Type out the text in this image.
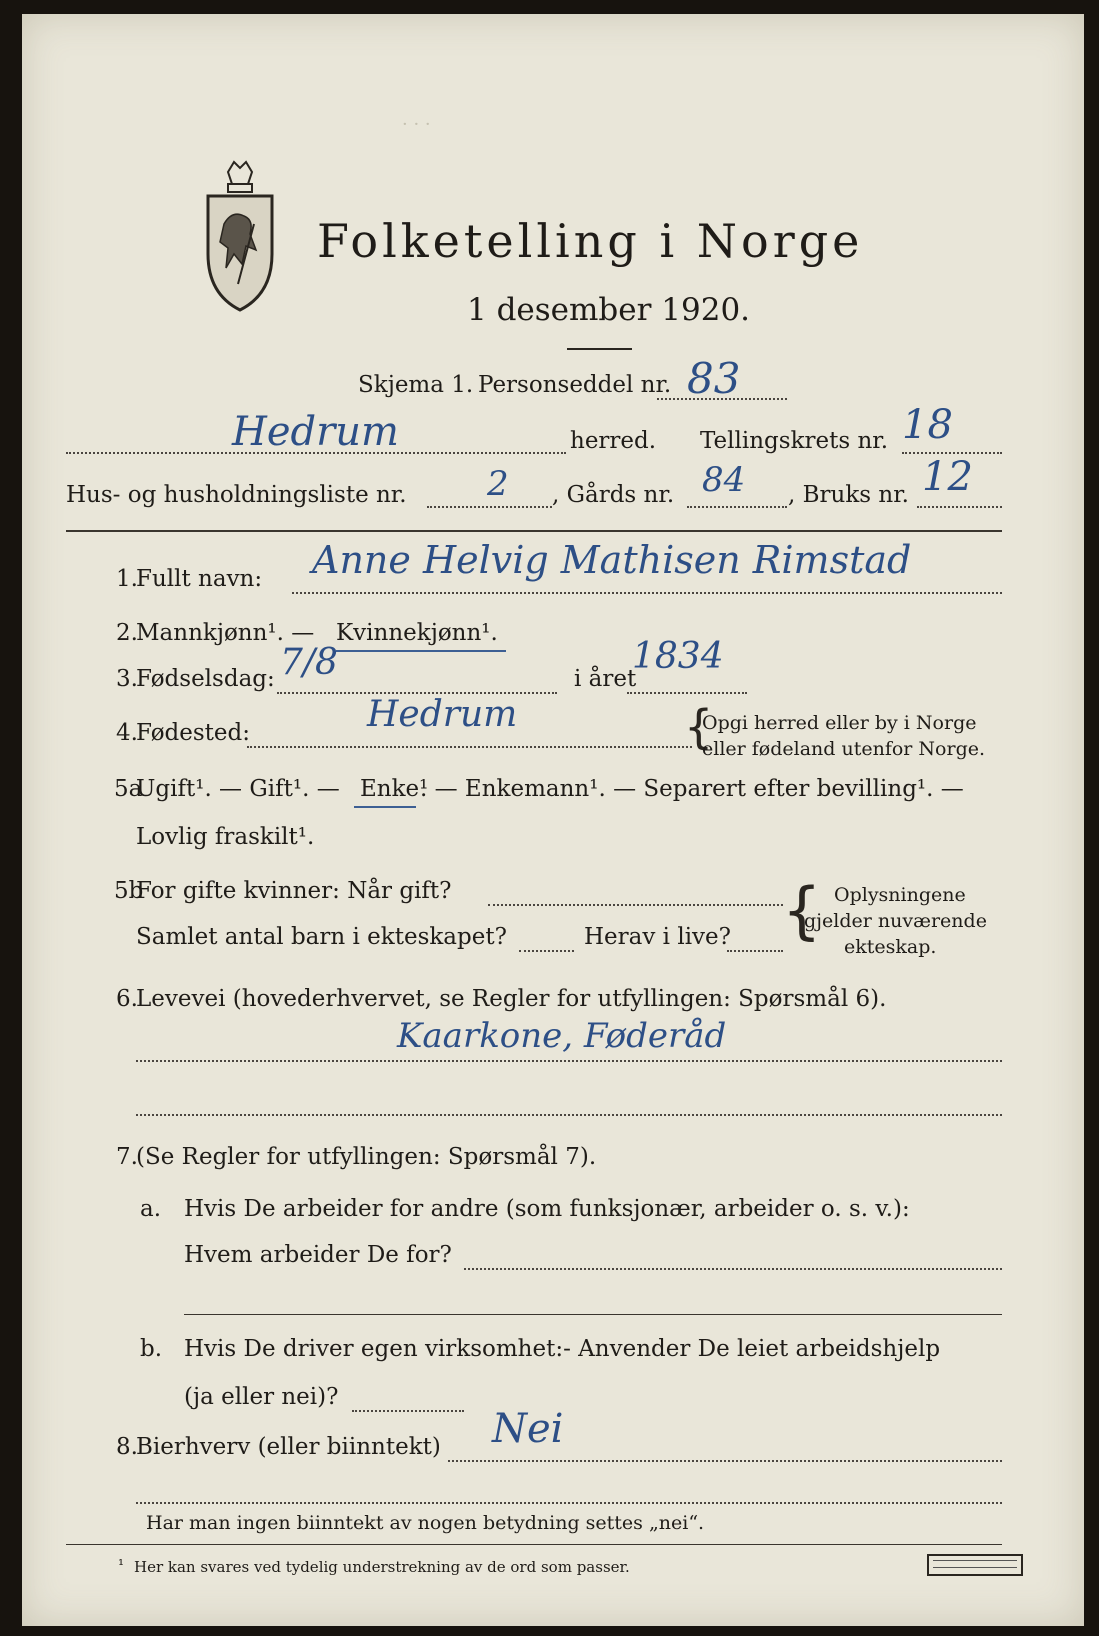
Folketelling i Norge
1 desember 1920.
· · ·
Skjema 1. Personseddel nr. 83
Hedrum	herred. Tellingskrets nr. 18
Hus- og husholdningsliste nr. 2 , Gårds nr. 84 , Bruks nr. 12
1.
Fullt navn: Anne Helvig Mathisen Rimstad
2.
Mannkjønn¹. — Kvinnekjønn¹.
3.
Fødselsdag: 7/8	i året
1834
4.
Fødested:	Hedrum	{
Opgi herred eller by i Norge
eller fødeland utenfor Norge.
5a
Ugift¹. — Gift¹. — Enke¹
. — Enkemann¹. — Separert efter bevilling¹. —
Lovlig fraskilt¹.
5b
For gifte kvinner: Når gift?
Samlet antal barn i ekteskapet?	Herav i live? { Oplysningene
gjelder nuværende
ekteskap.
6.
Levevei (hovederhvervet, se Regler for utfyllingen: Spørsmål 6).
Kaarkone, Føderåd
7.
(Se Regler for utfyllingen: Spørsmål 7).
a. Hvis De arbeider for andre (som funksjonær, arbeider o. s. v.):
Hvem arbeider De for?
b. Hvis De driver egen virksomhet:- Anvender De leiet arbeidshjelp
(ja eller nei)?
8.
Bierhverv (eller biinntekt) Nei
Har man ingen biinntekt av nogen betydning settes „nei“.
¹ Her kan svares ved tydelig understrekning av de ord som passer.
